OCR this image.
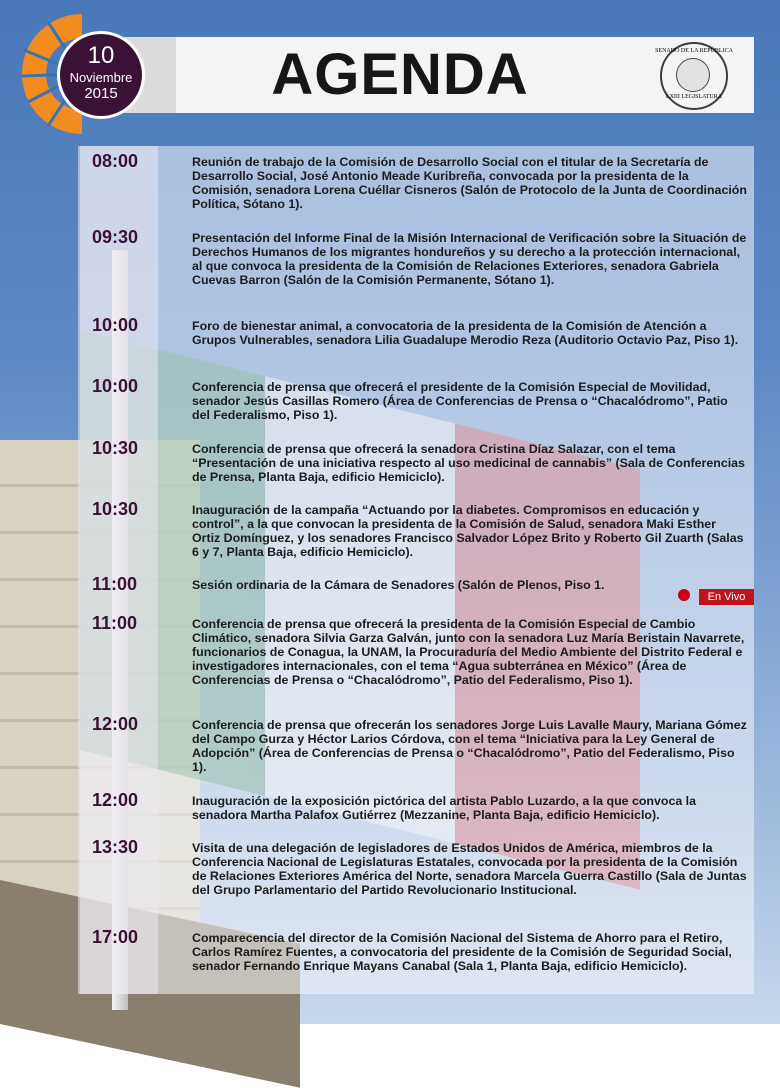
AGENDA	SENADO DE LA REPÚBLICA
LXIII LEGISLATURA
10
Noviembre
2015
08:00	Reunión de trabajo de la Comisión de Desarrollo Social con el titular de la Secretaría de Desarrollo Social, José Antonio Meade Kuribreña, convocada por la presidenta de la Comisión, senadora Lorena Cuéllar Cisneros (Salón de Protocolo de la Junta de Coordinación Política, Sótano 1).
09:30	Presentación del Informe Final de la Misión Internacional de Verificación sobre la Situación de Derechos Humanos de los migrantes hondureños y su derecho a la protección internacional, al que convoca la presidenta de la Comisión de Relaciones Exteriores, senadora Gabriela Cuevas Barron (Salón de la Comisión Permanente, Sótano 1).
10:00	Foro de bienestar animal, a convocatoria de la presidenta de la Comisión de Atención a Grupos Vulnerables, senadora Lilia Guadalupe Merodio Reza (Auditorio Octavio Paz, Piso 1).
10:00	Conferencia de prensa que ofrecerá el presidente de la Comisión Especial de Movilidad, senador Jesús Casillas Romero (Área de Conferencias de Prensa o “Chacalódromo”, Patio del Federalismo, Piso 1).
10:30	Conferencia de prensa que ofrecerá la senadora Cristina Díaz Salazar, con el tema “Presentación de una iniciativa respecto al uso medicinal de cannabis” (Sala de Conferencias de Prensa, Planta Baja, edificio Hemiciclo).
10:30	Inauguración de la campaña “Actuando por la diabetes. Compromisos en educación y control”, a la que convocan la presidenta de la Comisión de Salud, senadora Maki Esther Ortiz Domínguez, y los senadores Francisco Salvador López Brito y Roberto Gil Zuarth (Salas 6 y 7, Planta Baja, edificio Hemiciclo).
11:00	Sesión ordinaria de la Cámara de Senadores (Salón de Plenos, Piso 1.
En Vivo
11:00	Conferencia de prensa que ofrecerá la presidenta de la Comisión Especial de Cambio Climático, senadora Silvia Garza Galván, junto con la senadora Luz María Beristain Navarrete, funcionarios de Conagua, la UNAM, la Procuraduría del Medio Ambiente del Distrito Federal e investigadores internacionales, con el tema “Agua subterránea en México” (Área de Conferencias de Prensa o “Chacalódromo”, Patio del Federalismo, Piso 1).
12:00	Conferencia de prensa que ofrecerán los senadores Jorge Luis Lavalle Maury, Mariana Gómez del Campo Gurza y Héctor Larios Córdova, con el tema “Iniciativa para la Ley General de Adopción” (Área de Conferencias de Prensa o “Chacalódromo”, Patio del Federalismo, Piso 1).
12:00	Inauguración de la exposición pictórica del artista Pablo Luzardo, a la que convoca la senadora Martha Palafox Gutiérrez (Mezzanine, Planta Baja, edificio Hemiciclo).
13:30	Visita de una delegación de legisladores de Estados Unidos de América, miembros de la Conferencia Nacional de Legislaturas Estatales, convocada por la presidenta de la Comisión de Relaciones Exteriores América del Norte, senadora Marcela Guerra Castillo (Sala de Juntas del Grupo Parlamentario del Partido Revolucionario Institucional.
17:00	Comparecencia del director de la Comisión Nacional del Sistema de Ahorro para el Retiro, Carlos Ramírez Fuentes, a convocatoria del presidente de la Comisión de Seguridad Social, senador Fernando Enrique Mayans Canabal (Sala 1, Planta Baja, edificio Hemiciclo).
